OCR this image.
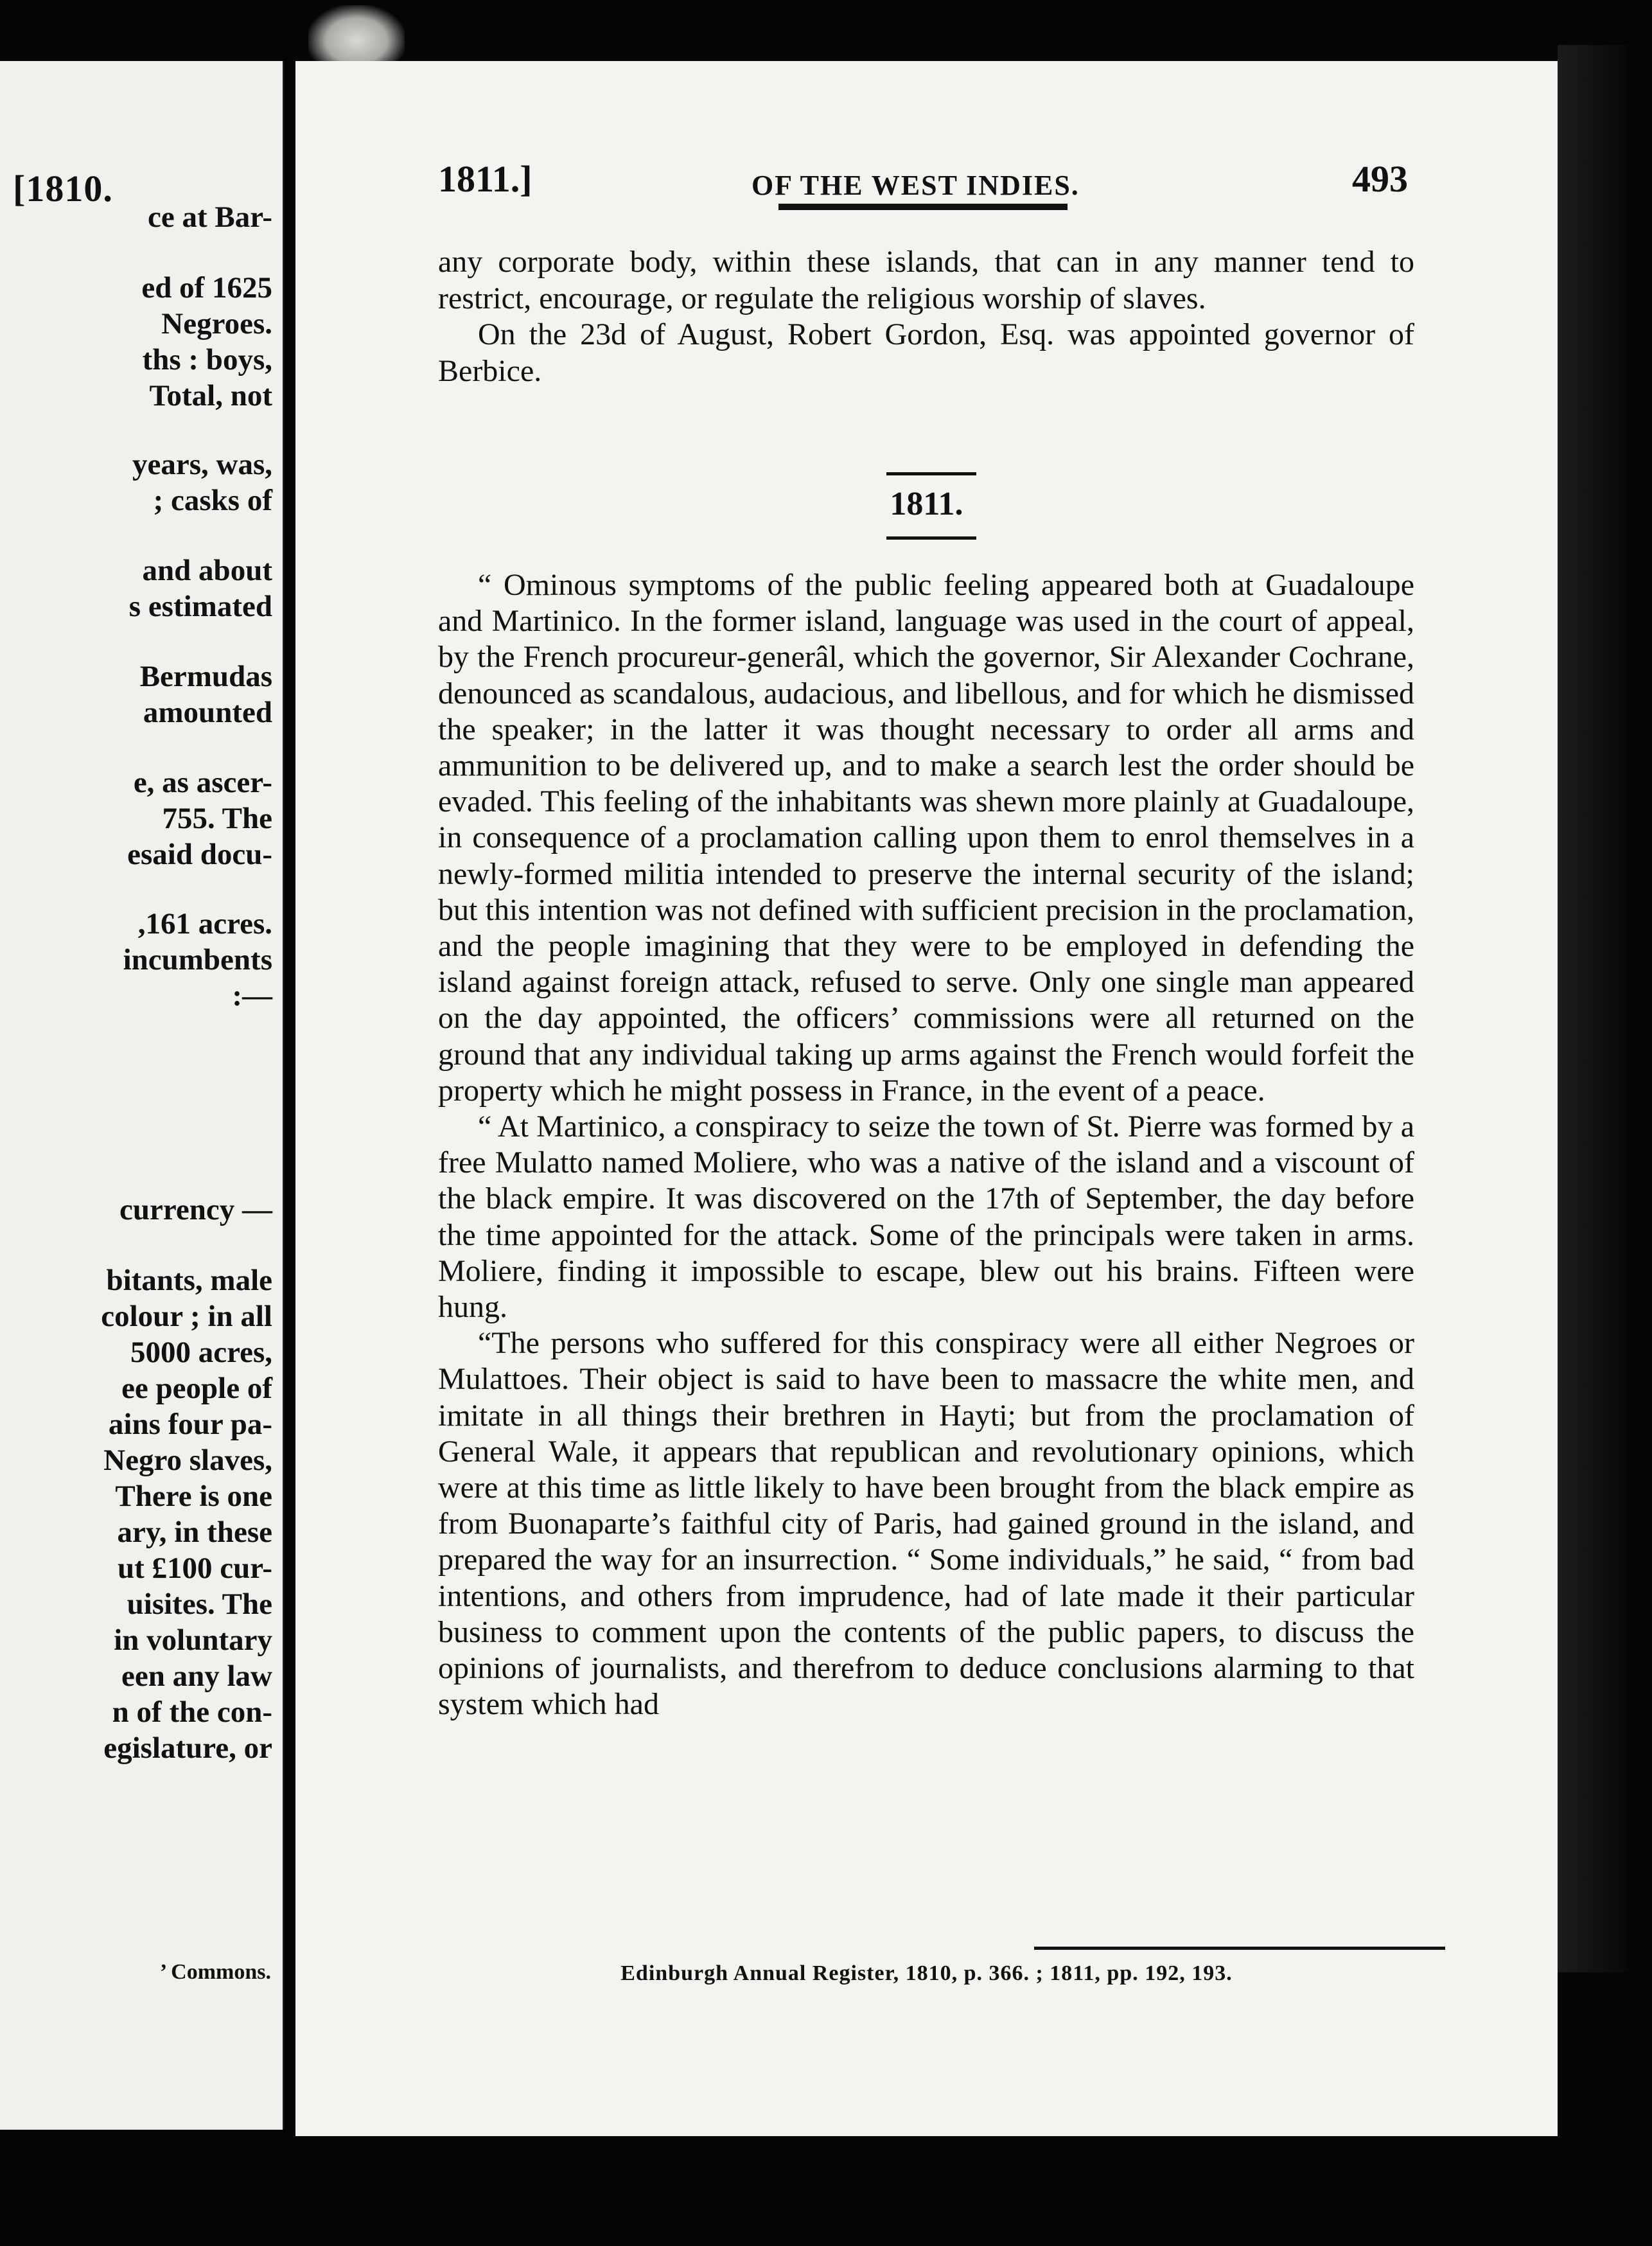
[1810.
ce at Bar-
ed of 1625
Negroes.
ths : boys,
Total, not
years, was,
; casks of
and about
s estimated
Bermudas
amounted
e, as ascer-
755. The
esaid docu-
,161 acres.
incumbents
:—
currency —
bitants, male
colour ; in all
5000 acres,
ee people of
ains four pa-
Negro slaves,
There is one
ary, in these
ut £100 cur-
uisites. The
in voluntary
een any law
n of the con-
egislature, or
’ Commons.
1811.]	OF THE WEST INDIES.	493

any corporate body, within these islands, that can in any manner tend to restrict, encourage, or regulate the religious worship of slaves.

On the 23d of August, Robert Gordon, Esq. was appointed governor of Berbice.

1811.

“ Ominous symptoms of the public feeling appeared both at Guadaloupe and Martinico. In the former island, language was used in the court of appeal, by the French procureur-generâl, which the governor, Sir Alexander Cochrane, denounced as scandalous, audacious, and libellous, and for which he dismissed the speaker; in the latter it was thought necessary to order all arms and ammunition to be delivered up, and to make a search lest the order should be evaded. This feeling of the inhabitants was shewn more plainly at Guadaloupe, in consequence of a proclamation calling upon them to enrol themselves in a newly-formed militia intended to preserve the internal security of the island; but this intention was not defined with sufficient precision in the proclamation, and the people imagining that they were to be employed in defending the island against foreign attack, refused to serve. Only one single man appeared on the day appointed, the officers’ commissions were all returned on the ground that any individual taking up arms against the French would forfeit the property which he might possess in France, in the event of a peace.

“ At Martinico, a conspiracy to seize the town of St. Pierre was formed by a free Mulatto named Moliere, who was a native of the island and a viscount of the black empire. It was discovered on the 17th of September, the day before the time appointed for the attack. Some of the principals were taken in arms. Moliere, finding it impossible to escape, blew out his brains. Fifteen were hung.

“The persons who suffered for this conspiracy were all either Negroes or Mulattoes. Their object is said to have been to massacre the white men, and imitate in all things their brethren in Hayti; but from the proclamation of General Wale, it appears that republican and revolutionary opinions, which were at this time as little likely to have been brought from the black empire as from Buonaparte’s faithful city of Paris, had gained ground in the island, and prepared the way for an insurrection. “ Some individuals,” he said, “ from bad intentions, and others from imprudence, had of late made it their particular business to comment upon the contents of the public papers, to discuss the opinions of journalists, and therefrom to deduce conclusions alarming to that system which had

Edinburgh Annual Register, 1810, p. 366. ; 1811, pp. 192, 193.
